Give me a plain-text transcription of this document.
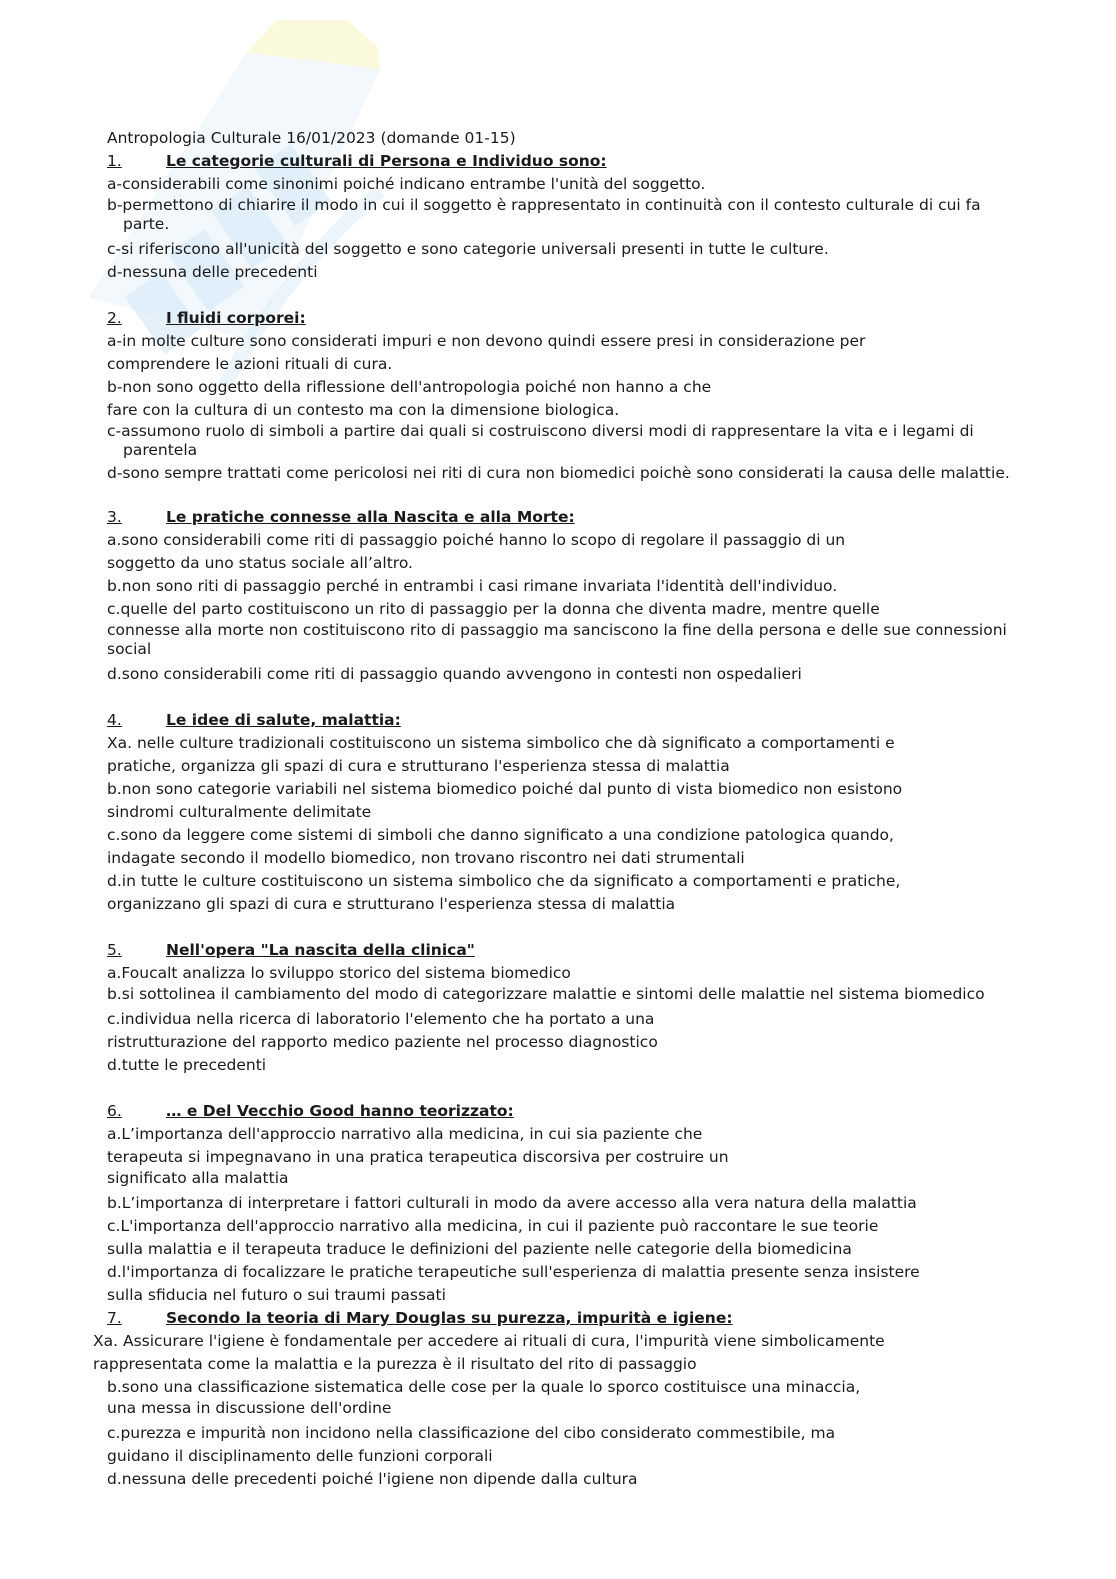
Antropologia Culturale 16/01/2023 (domande 01-15)
1.	Le categorie culturali di Persona e Individuo sono:
a-considerabili come sinonimi poiché indicano entrambe l'unità del soggetto.
b-permettono di chiarire il modo in cui il soggetto è rappresentato in continuità con il contesto culturale di cui fa parte.
c-si riferiscono all'unicità del soggetto e sono categorie universali presenti in tutte le culture.
d-nessuna delle precedenti
2.	I fluidi corporei:
a-in molte culture sono considerati impuri e non devono quindi essere presi in considerazione per
comprendere le azioni rituali di cura.
b-non sono oggetto della riflessione dell'antropologia poiché non hanno a che
fare con la cultura di un contesto ma con la dimensione biologica.
c-assumono ruolo di simboli a partire dai quali si costruiscono diversi modi di rappresentare la vita e i legami di parentela
d-sono sempre trattati come pericolosi nei riti di cura non biomedici poichè sono considerati la causa delle malattie.
3.	Le pratiche connesse alla Nascita e alla Morte:
a.sono considerabili come riti di passaggio poiché hanno lo scopo di regolare il passaggio di un
soggetto da uno status sociale all’altro.
b.non sono riti di passaggio perché in entrambi i casi rimane invariata l'identità dell'individuo.
c.quelle del parto costituiscono un rito di passaggio per la donna che diventa madre, mentre quelle
connesse alla morte non costituiscono rito di passaggio ma sanciscono la fine della persona e delle sue connessioni social
d.sono considerabili come riti di passaggio quando avvengono in contesti non ospedalieri
4.	Le idee di salute, malattia:
Xa. nelle culture tradizionali costituiscono un sistema simbolico che dà significato a comportamenti e
pratiche, organizza gli spazi di cura e strutturano l'esperienza stessa di malattia
b.non sono categorie variabili nel sistema biomedico poiché dal punto di vista biomedico non esistono
sindromi culturalmente delimitate
c.sono da leggere come sistemi di simboli che danno significato a una condizione patologica quando,
indagate secondo il modello biomedico, non trovano riscontro nei dati strumentali
d.in tutte le culture costituiscono un sistema simbolico che da significato a comportamenti e pratiche,
organizzano gli spazi di cura e strutturano l'esperienza stessa di malattia
5.	Nell'opera "La nascita della clinica"
a.Foucalt analizza lo sviluppo storico del sistema biomedico
b.si sottolinea il cambiamento del modo di categorizzare malattie e sintomi delle malattie nel sistema biomedico
c.individua nella ricerca di laboratorio l'elemento che ha portato a una
ristrutturazione del rapporto medico paziente nel processo diagnostico
d.tutte le precedenti
6.	… e Del Vecchio Good hanno teorizzato:
a.L’importanza dell'approccio narrativo alla medicina, in cui sia paziente che
terapeuta si impegnavano in una pratica terapeutica discorsiva per costruire un
significato alla malattia
b.L’importanza di interpretare i fattori culturali in modo da avere accesso alla vera natura della malattia
c.L'importanza dell'approccio narrativo alla medicina, in cui il paziente può raccontare le sue teorie
sulla malattia e il terapeuta traduce le definizioni del paziente nelle categorie della biomedicina
d.l'importanza di focalizzare le pratiche terapeutiche sull'esperienza di malattia presente senza insistere
sulla sfiducia nel futuro o sui traumi passati
7.	Secondo la teoria di Mary Douglas su purezza, impurità e igiene:
Xa. Assicurare l'igiene è fondamentale per accedere ai rituali di cura, l'impurità viene simbolicamente
rappresentata come la malattia e la purezza è il risultato del rito di passaggio
b.sono una classificazione sistematica delle cose per la quale lo sporco costituisce una minaccia,
una messa in discussione dell'ordine
c.purezza e impurità non incidono nella classificazione del cibo considerato commestibile, ma
guidano il disciplinamento delle funzioni corporali
d.nessuna delle precedenti poiché l'igiene non dipende dalla cultura
